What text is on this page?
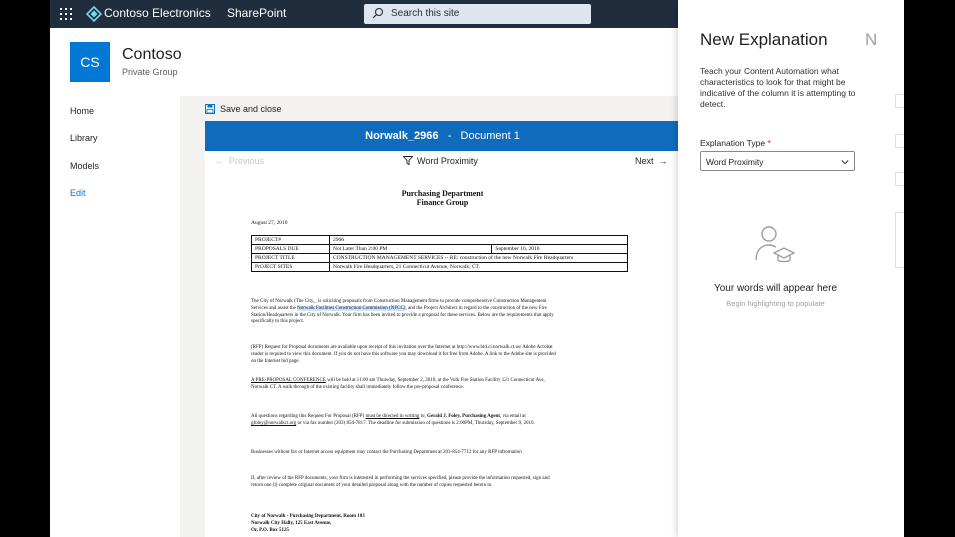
Contoso Electronics SharePoint	Search this site
CS	Contoso
Private Group
Home
Library
Models
Edit
Save and close
Norwalk_2966 - Document 1
←  Previous	Word Proximity	Next  →
Purchasing Department
Finance Group
August 27, 2010
PROJECT#	2966	
PROPOSALS DUE	Not Later Than 2:00 PM	September 16, 2010
PROJECT TITLE	CONSTRUCTION MANAGEMENT SERVICES -- RE: construction of the new Norwalk Fire Headquarters	
PrOJECT SITES	Norwalk Fire Headquarters, 21 Connecticut Avenue, Norwalk, CT.	
The City of Norwalk (The City,_ is soliciting proposals from Construction Management firms to provide comprehensive Construction Management Services and assist the Norwalk Facilities Construction Commission (NFCC), and the Project Architect in regard to the construction of the new Fire Station/Headquarters in the City of Norwalk. Your firm has been invited to provide a proposal for these services. Below are the requirements that apply specifically to this project.
(RFP) Request for Proposal documents are available upon receipt of this invitation over the Internet at http://www.bid.ci.norwalk.ct.us/ Adobe Acrobat reader is required to view this document. If you do not have this software you may download it for free from Adobe. A link to the Adobe site is provided on the Internet bid page.
A PRE-PROPOSAL CONFERENCE will be held at 11:00 am Thursday, September 2, 2010, at the Volk Fire Station Facility 121 Connecticut Ave, Norwalk CT. A walk through of the existing facility shall immediately follow the pre-proposal conference.
All questions regarding this Request For Proposal (RFP) must be directed in writing to, Gerald J. Foley, Purchasing Agent, via email at gfoley@norwalkct.org or via fax number (203) 854-7817. The deadline for submission of questions is 2:00PM, Thursday, September 9, 2010.
Businesses without fax or Internet access equipment may contact the Purchasing Department at 203-854-7712 for any RFP infromation
If, after review of the RFP documents, your firm is interested in performing the services specified, please provide the information requested, sign and return one (l) complete original document of your detailed proposal along with the number of copies requested herein to.
City of Norwalk - Purchasing Department, Room 103
Norwalk City Hally, 125 East Avenue,
Or, P.O. Box 5125
New Explanation
Teach your Content Automation what characteristics to look for that might be indicative of the column it is attempting to detect.
Explanation Type *
Word Proximity
Your words will appear here
Begin highlighting to populate
N
